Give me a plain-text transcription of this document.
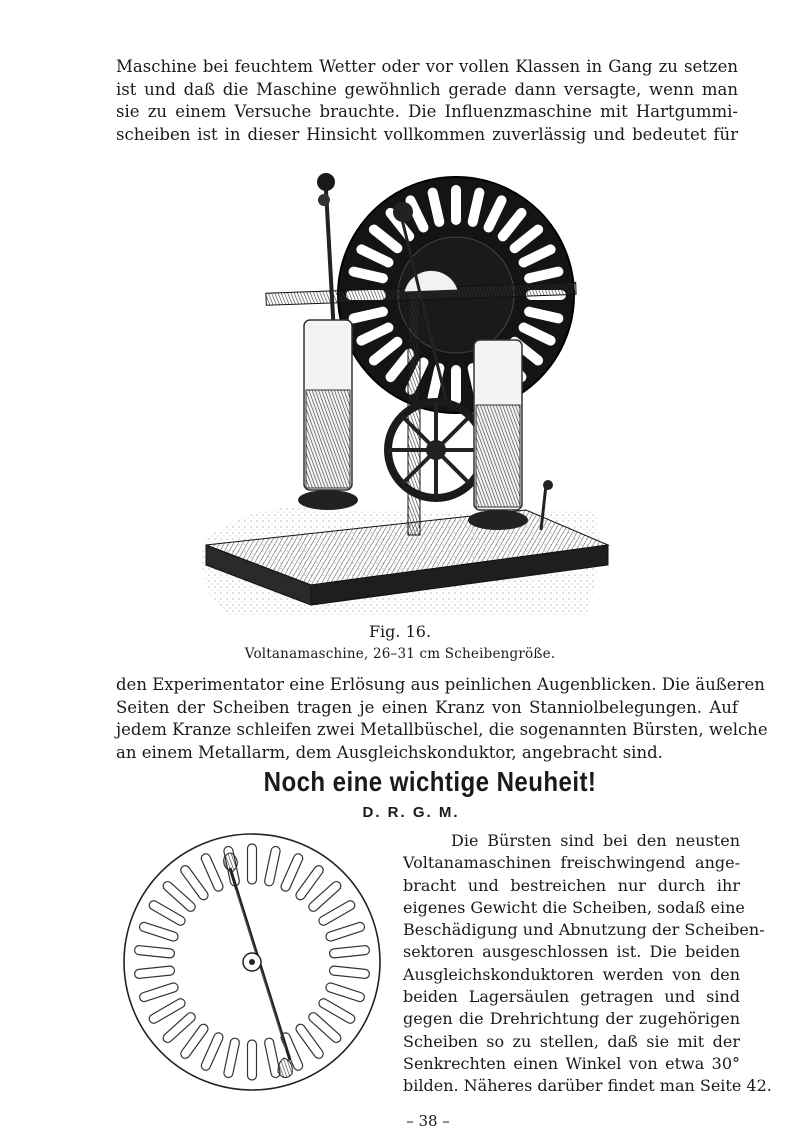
Maschine bei feuchtem Wetter oder vor vollen Klassen in Gang zu setzen
ist und daß die Maschine gewöhnlich gerade dann versagte, wenn man
sie zu einem Versuche brauchte. Die Influenzmaschine mit Hartgummi-
scheiben ist in dieser Hinsicht vollkommen zuverlässig und bedeutet für

Fig. 16.

Voltanamaschine, 26–31 cm Scheibengröße.

den Experimentator eine Erlösung aus peinlichen Augenblicken. Die äußeren
Seiten der Scheiben tragen je einen Kranz von Stanniolbelegungen. Auf
jedem Kranze schleifen zwei Metallbüschel, die sogenannten Bürsten, welche
an einem Metallarm, dem Ausgleichskonduktor, angebracht sind.
Noch eine wichtige Neuheit!
D. R. G. M.
Die Bürsten sind bei den neusten
Voltanamaschinen freischwingend ange-
bracht und bestreichen nur durch ihr
eigenes Gewicht die Scheiben, sodaß eine
Beschädigung und Abnutzung der Scheiben-
sektoren ausgeschlossen ist. Die beiden
Ausgleichskonduktoren werden von den
beiden Lagersäulen getragen und sind
gegen die Drehrichtung der zugehörigen
Scheiben so zu stellen, daß sie mit der
Senkrechten einen Winkel von etwa 30°
bilden. Näheres darüber findet man Seite 42.
– 38 –
